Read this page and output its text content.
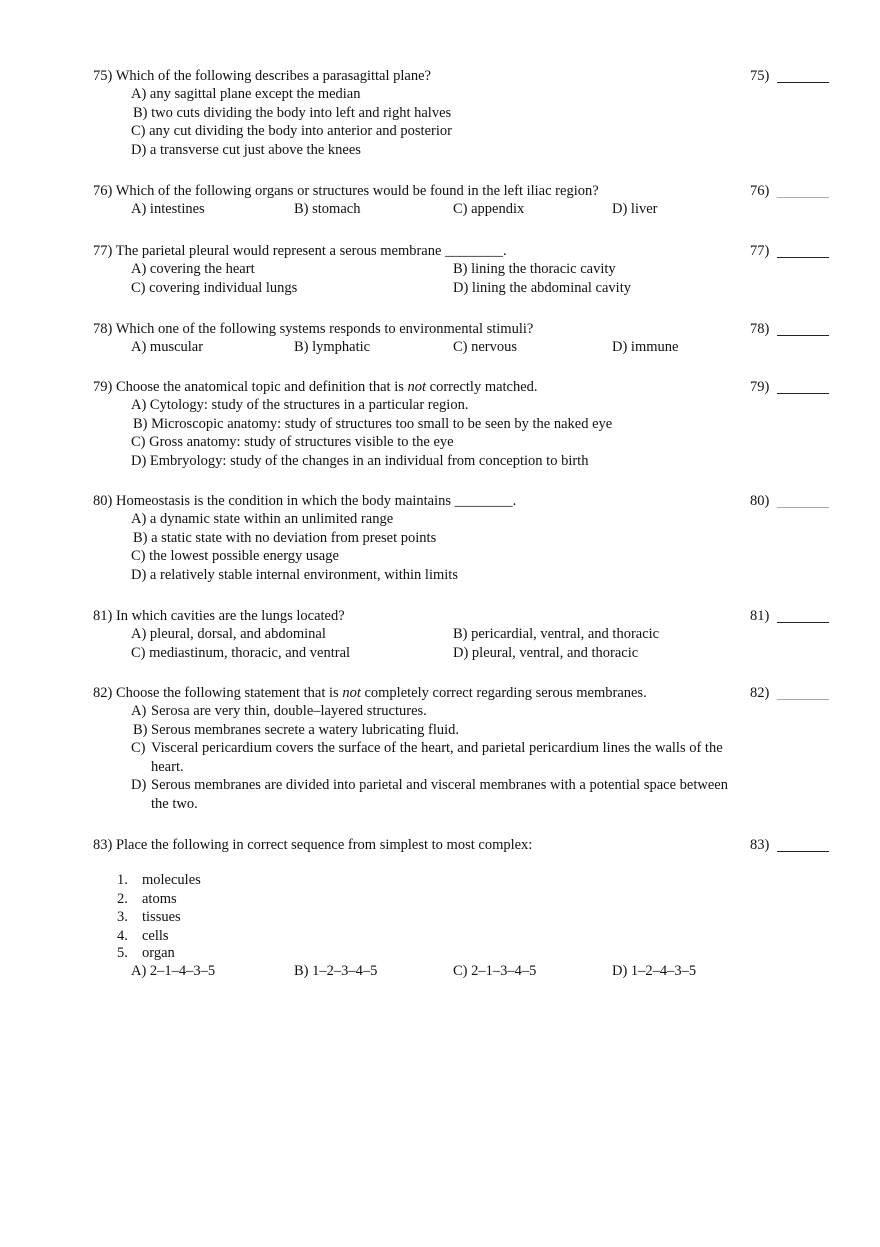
75) Which of the following describes a parasagittal plane?	75)
A) any sagittal plane except the median
B) two cuts dividing the body into left and right halves
C) any cut dividing the body into anterior and posterior
D) a transverse cut just above the knees
76) Which of the following organs or structures would be found in the left iliac region?	76)
A) intestines	B) stomach	C) appendix	D) liver
77) The parietal pleural would represent a serous membrane ________.	77)
A) covering the heart	B) lining the thoracic cavity
C) covering individual lungs	D) lining the abdominal cavity
78) Which one of the following systems responds to environmental stimuli?	78)
A) muscular	B) lymphatic	C) nervous	D) immune
79) Choose the anatomical topic and definition that is not correctly matched.	79)
A) Cytology: study of the structures in a particular region.
B) Microscopic anatomy: study of structures too small to be seen by the naked eye
C) Gross anatomy: study of structures visible to the eye
D) Embryology: study of the changes in an individual from conception to birth
80) Homeostasis is the condition in which the body maintains ________.	80)
A) a dynamic state within an unlimited range
B) a static state with no deviation from preset points
C) the lowest possible energy usage
D) a relatively stable internal environment, within limits
81) In which cavities are the lungs located?	81)
A) pleural, dorsal, and abdominal	B) pericardial, ventral, and thoracic
C) mediastinum, thoracic, and ventral	D) pleural, ventral, and thoracic
82) Choose the following statement that is not completely correct regarding serous membranes.	82)
A) Serosa are very thin, double–layered structures.
B) Serous membranes secrete a watery lubricating fluid.
C) Visceral pericardium covers the surface of the heart, and parietal pericardium lines the walls of the heart.
D) Serous membranes are divided into parietal and visceral membranes with a potential space between the two.
83) Place the following in correct sequence from simplest to most complex:	83)
1. molecules
2. atoms
3. tissues
4. cells
5. organ
A) 2–1–4–3–5	B) 1–2–3–4–5	C) 2–1–3–4–5	D) 1–2–4–3–5
